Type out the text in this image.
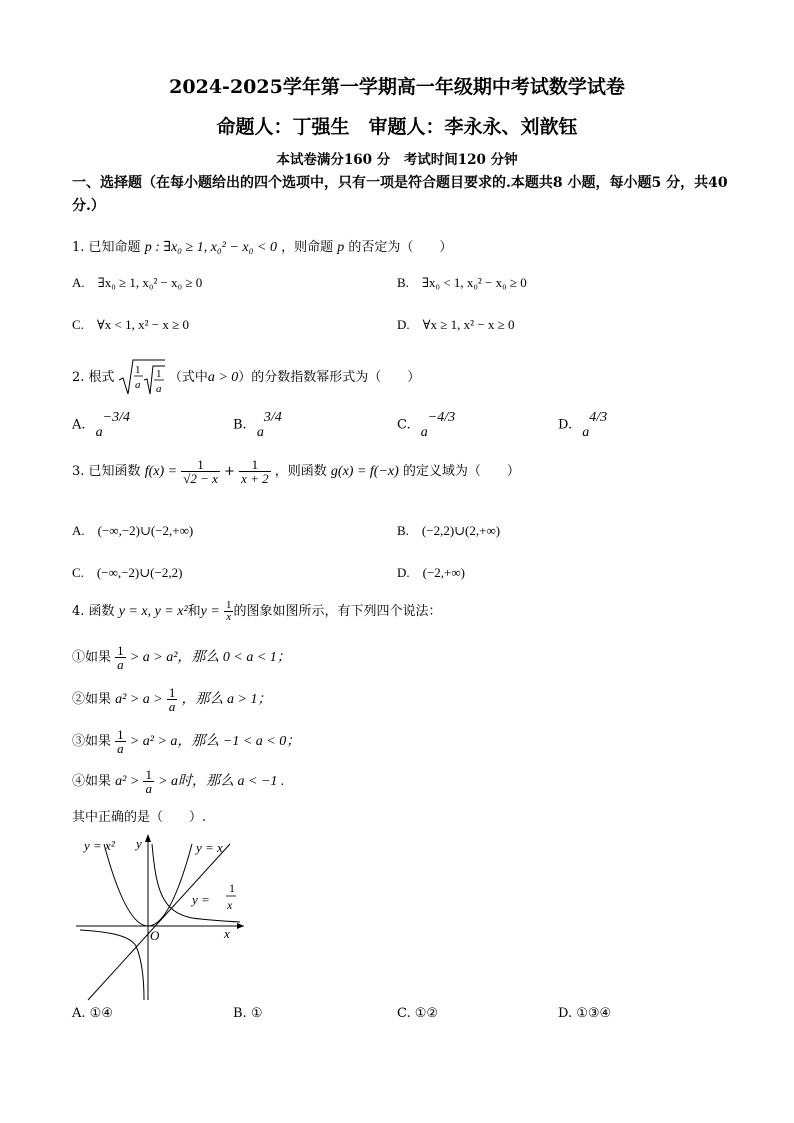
2024-2025学年第一学期高一年级期中考试数学试卷
命题人：丁强生　审题人：李永永、刘歆钰
本试卷满分160 分　考试时间120 分钟
一、选择题（在每小题给出的四个选项中，只有一项是符合题目要求的.本题共8 小题，每小题5 分，共40 分.）
1. 已知命题 p : ∃x₀ ≥ 1, x₀² − x₀ < 0 ，则命题 p 的否定为（　　）
A.　∃x₀ ≥ 1, x₀² − x₀ ≥ 0	B.　∃x₀ < 1, x₀² − x₀ ≥ 0
C.　∀x < 1, x² − x ≥ 0	D.　∀x ≥ 1, x² − x ≥ 0
2. 根式 1
a
1
a
（式中a > 0）的分数指数幂形式为（　　）
A. $a^{-3/4}$	B. $a^{3/4}$	C. $a^{-4/3}$	D. $a^{4/3}$
3. 已知函数 $f(x) = \frac{1}{√2 - x} + \frac{1}{x + 2}$ ，则函数 g(x) = f(−x) 的定义域为（　　）
A.　(−∞,−2)∪(−2,+∞)	B.　(−2,2)∪(2,+∞)
C.　(−∞,−2)∪(−2,2)	D.　(−2,+∞)
4. 函数 y = x, y = x²和$y = \frac{1}{x}$ 的图象如图所示，有下列四个说法：
①如果 $\frac{1}{a} > a > a^2$，那么 0 < a < 1；
②如果 $a^2 > a > \frac{1}{a}$ ，那么 a > 1；
③如果 $\frac{1}{a} > a^2 > a$，那么 −1 < a < 0；
④如果 $a^2 > \frac{1}{a} > a$时，那么 a < −1 .
其中正确的是（　　）.
y = x² y	y = x
y =
1
x
O	x
A. ①④	B. ①	C. ①②	D. ①③④
